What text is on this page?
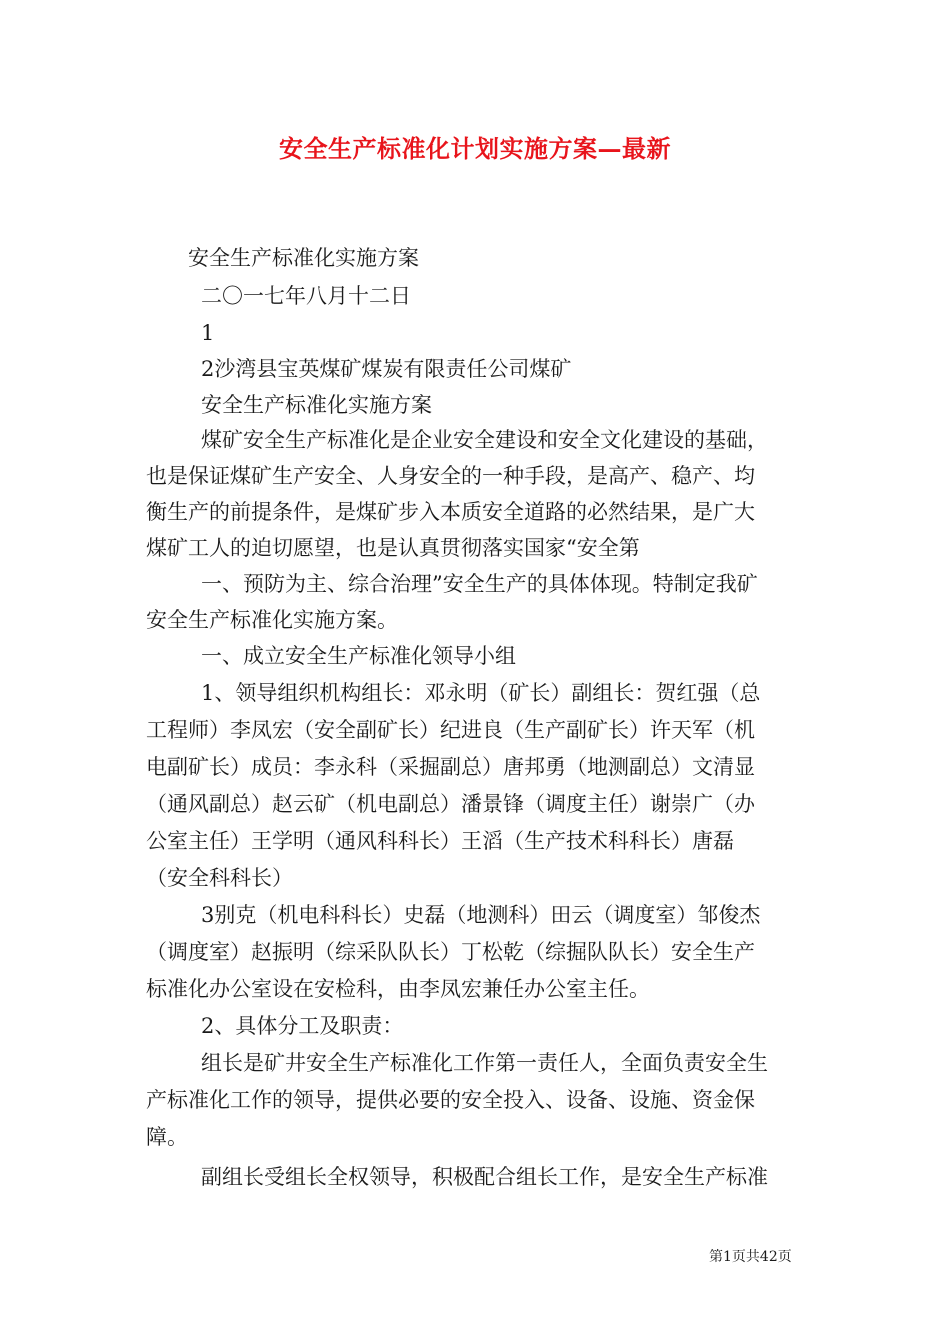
安全生产标准化计划实施方案—最新
安全生产标准化实施方案
二〇一七年八月十二日
1
2沙湾县宝英煤矿煤炭有限责任公司煤矿
安全生产标准化实施方案
煤矿安全生产标准化是企业安全建设和安全文化建设的基础，
也是保证煤矿生产安全、人身安全的一种手段，是高产、稳产、均
衡生产的前提条件，是煤矿步入本质安全道路的必然结果，是广大
煤矿工人的迫切愿望，也是认真贯彻落实国家“安全第
一、预防为主、综合治理”安全生产的具体体现。特制定我矿
安全生产标准化实施方案。
一、成立安全生产标准化领导小组
1、领导组织机构组长：邓永明（矿长）副组长：贺红强（总
工程师）李凤宏（安全副矿长）纪进良（生产副矿长）许天军（机
电副矿长）成员：李永科（采掘副总）唐邦勇（地测副总）文清显
（通风副总）赵云矿（机电副总）潘景锋（调度主任）谢崇广（办
公室主任）王学明（通风科科长）王滔（生产技术科科长）唐磊
（安全科科长）
3别克（机电科科长）史磊（地测科）田云（调度室）邹俊杰
（调度室）赵振明（综采队队长）丁松乾（综掘队队长）安全生产
标准化办公室设在安检科，由李凤宏兼任办公室主任。
2、具体分工及职责：
组长是矿井安全生产标准化工作第一责任人，全面负责安全生
产标准化工作的领导，提供必要的安全投入、设备、设施、资金保
障。
副组长受组长全权领导，积极配合组长工作，是安全生产标准
第1页共42页
